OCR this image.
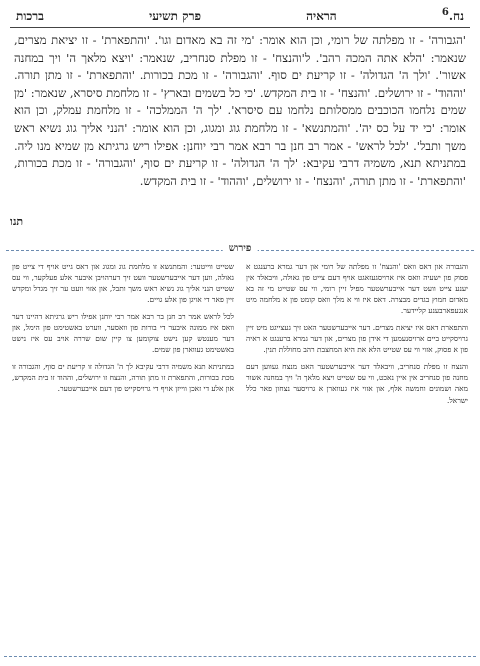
נח.$^6$
הראיה
פרק תשיעי
ברכות

'הגבורה' - זו מפלתה של רומי, וכן הוא אומר: 'מי זה בא מאדום וגו'. 'והתפארת' - זו יציאת מצרים, שנאמר: 'הלא אתה המכה רהב'. ל'והנצח' - זו מפלת סנחריב, שנאמר: 'ויצא מלאך ה' ויך במחנה אשור'. 'ולך ה' הגדולה' - זו קריעת ים סוף. 'והגבורה' - זו מכת בכורות. 'והתפארת' - זו מתן תורה. 'וההוד' - זו ירושלים. 'והנצח' - זו בית המקדש. 'כי כל בשמים ובארץ' - זו מלחמת סיסרא, שנאמר: 'מן שמים נלחמו הכוכבים ממסלותם נלחמו עם סיסרא'. 'לך ה' הממלכה' - זו מלחמת עמלק, וכן הוא אומר: 'כי יד על כס יה'. 'והמתנשא' - זו מלחמת גוג ומגוג, וכן הוא אומר: 'הנני אליך גוג נשיא ראש משך ותבל'. 'לכל לראש' - אמר רב חנן בר רבא אמר רבי יוחנן: אפילו ריש גרגיתא מן שמיא מנו ליה. במתניתא תנא, משמיה דרבי עקיבא: 'לך ה' הגדולה' - זו קריעת ים סוף, 'והגבורה' - זו מכת בכורות, 'והתפארת' - זו מתן תורה, 'והנצח' - זו ירושלים, 'וההוד' - זו בית המקדש.

תנו
פירוש

והגבורה און דאס וואס 'והנצח' זו מפלתה של רומי און דער גמרא ברענגט א פסוק פון ישעיה וואס איז ארויסגעזאגט אויף דעם צייט פון גאולה, וויבאלד אין יענע צייט וועט דער אייבערשטער מפיל זיין רומי, ווי עס שטייט מי זה בא מאדום חמוץ בגדים מבצרה. דאס איז ווי א מלך וואס קומט פון א מלחמה מיט אנגעפארבענע קליידער.

והתפארת דאס איז יציאת מצרים. דער אייבערשטער האט זיך געצייגט מיט זיין גרויסקייט ביים ארויסנעמען די אידן פון מצרים, און דער גמרא ברענגט א ראיה פון א פסוק, אזוי ווי עס שטייט הלא את היא המחצבת רהב מחוללת תנין.

והנצח זו מפלת סנחריב, וויבאלד דער אייבערשטער האט מנצח געווען דעם מחנה פון סנחריב אין איין נאכט, ווי עס שטייט ויצא מלאך ה' ויך במחנה אשור מאה ושמונים וחמשה אלף, און אזוי איז געווארן א גרויסער נצחון פאר כלל ישראל.

שטייט ווייטער: והמתנשא זו מלחמת גוג ומגוג און דאס גייט אויף די צייט פון גאולה, ווען דער אייבערשטער וועט זיך דערהויבן איבער אלע פעלקער, ווי עס שטייט הנני אליך גוג נשיא ראש משך ותבל, און אזוי וועט ער זיך מגדל ומקדש זיין פאר די אויגן פון אלע גויים.

לכל לראש אמר רב חנן בר רבא אמר רבי יוחנן אפילו ריש גרגיתא דהיינו דער וואס איז ממונה איבער די בורות פון וואסער, ווערט באשטימט פון הימל, און דער מענטש קען נישט צוקומען צו קיין שום שררה אויב עס איז נישט באשטימט געווארן פון שמים.

במתניתא תנא משמיה דרבי עקיבא לך ה' הגדולה זו קריעת ים סוף, והגבורה זו מכת בכורות, והתפארת זו מתן תורה, והנצח זו ירושלים, וההוד זו בית המקדש, און אלע די זאכן ווייזן אויף די גרויסקייט פון דעם אייבערשטער.
